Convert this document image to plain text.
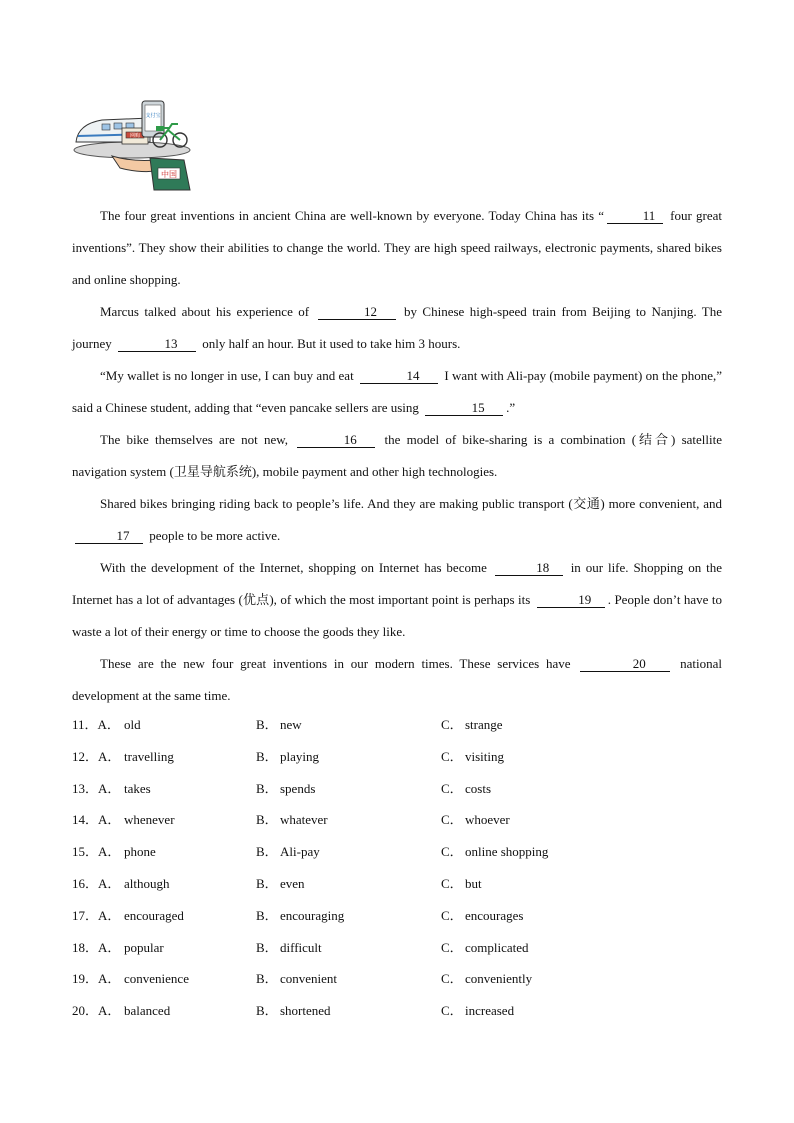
网购
支付宝
中国

The four great inventions in ancient China are well-known by everyone. Today China has its “	11 four great inventions”. They show their abilities to change the world. They are high speed railways, electronic payments, shared bikes and online shopping.

Marcus talked about his experience of	12 by Chinese high-speed train from Beijing to Nanjing. The journey	13 only half an hour. But it used to take him 3 hours.

“My wallet is no longer in use, I can buy and eat	14 I want with Ali-pay (mobile payment) on the phone,” said a Chinese student, adding that “even pancake sellers are using	15 .”

The bike themselves are not new,	16 the model of bike-sharing is a combination (结合) satellite navigation system (卫星导航系统), mobile payment and other high technologies.

Shared bikes bringing riding back to people’s life. And they are making public transport (交通) more convenient, and 17 people to be more active.

With the development of the Internet, shopping on Internet has become	18 in our life. Shopping on the Internet has a lot of advantages (优点), of which the most important point is perhaps its	19 . People don’t have to waste a lot of their energy or time to choose the goods they like.

These are the new four great inventions in our modern times. These services have	20 national development at the same time.

11．A． old	B． new	C． strange
12．A． travelling	B． playing	C． visiting
13．A． takes	B． spends	C． costs
14．A． whenever	B． whatever	C． whoever
15．A． phone	B． Ali-pay	C． online shopping
16．A． although	B． even	C． but
17．A． encouraged	B． encouraging	C． encourages
18．A． popular	B． difficult	C． complicated
19．A． convenience	B． convenient	C． conveniently
20．A． balanced	B． shortened	C． increased
